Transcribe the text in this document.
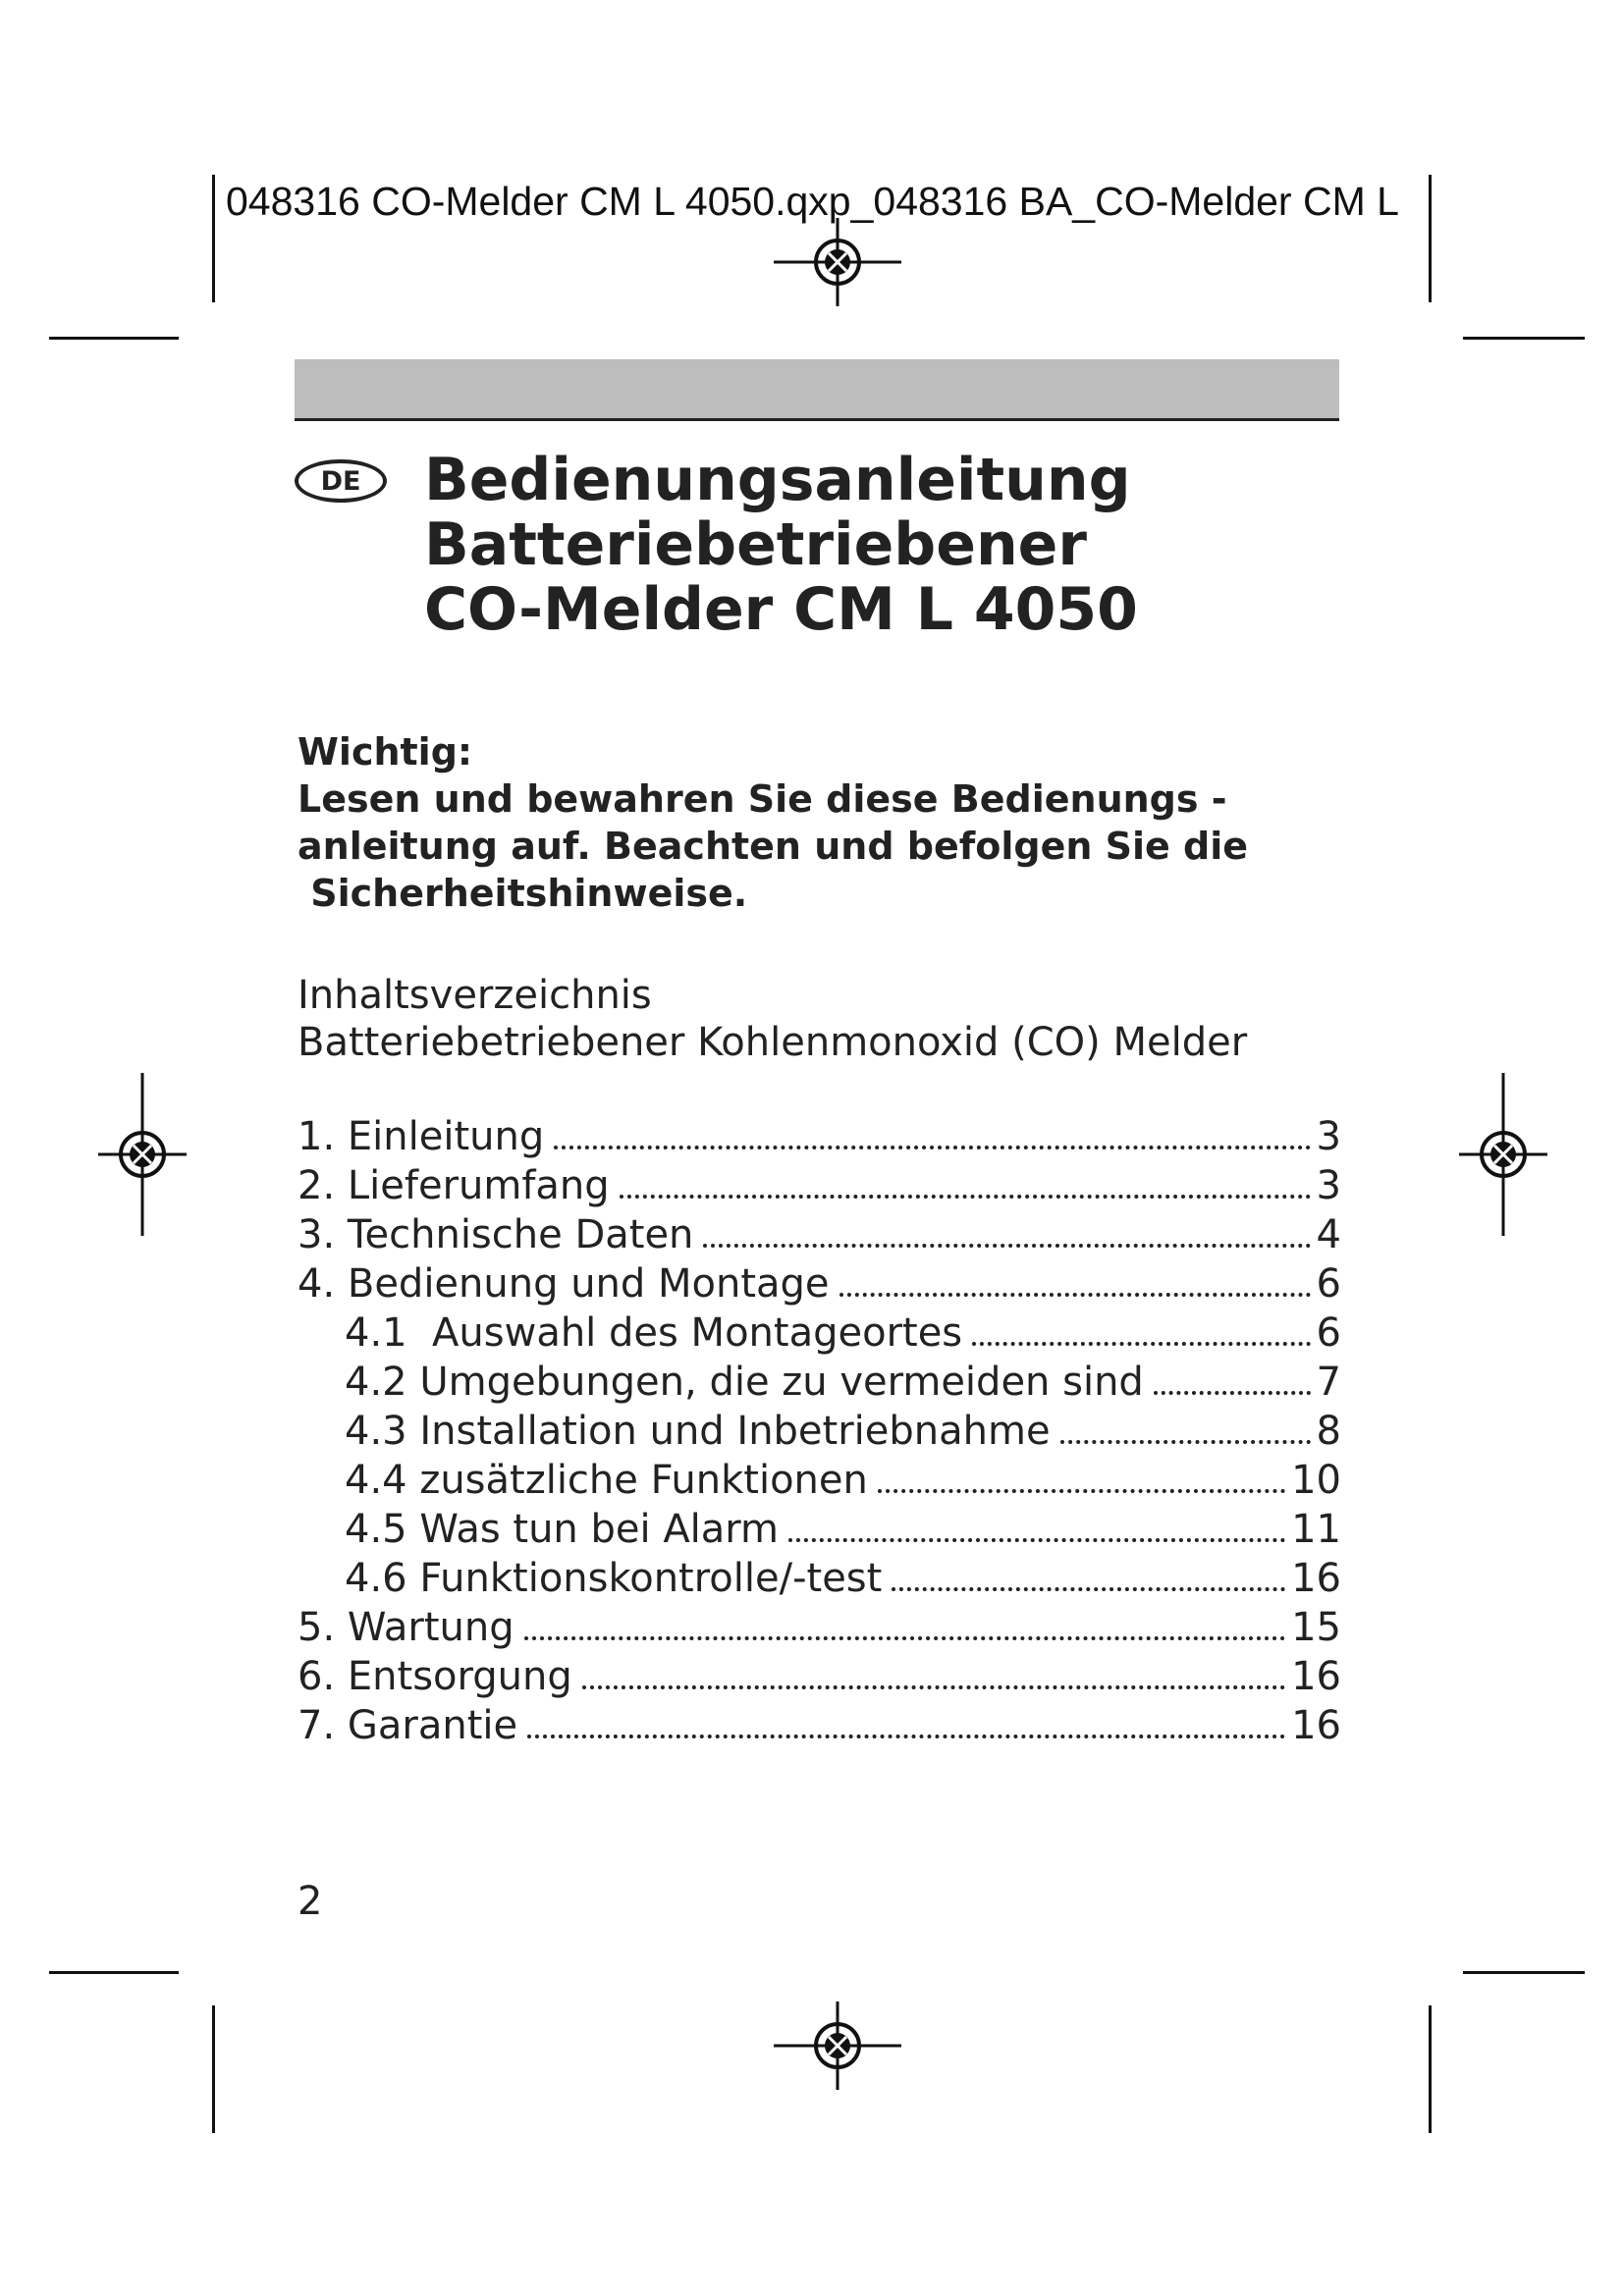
048316 CO-Melder CM L 4050.qxp_048316 BA_CO-Melder CM L
DE	Bedienungsanleitung
Batteriebetriebener
CO-Melder CM L 4050
Wichtig:
Lesen und bewahren Sie diese Bedienungs -
anleitung auf. Beachten und befolgen Sie die
Sicherheitshinweise.
Inhaltsverzeichnis
Batteriebetriebener Kohlenmonoxid (CO) Melder
1. Einleitung	3
2. Lieferumfang	3
3. Technische Daten	4
4. Bedienung und Montage	6
4.1  Auswahl des Montageortes	6
4.2 Umgebungen, die zu vermeiden sind	7
4.3 Installation und Inbetriebnahme	8
4.4 zusätzliche Funktionen	10
4.5 Was tun bei Alarm	11
4.6 Funktionskontrolle/-test	16
5. Wartung	15
6. Entsorgung	16
7. Garantie	16
2
